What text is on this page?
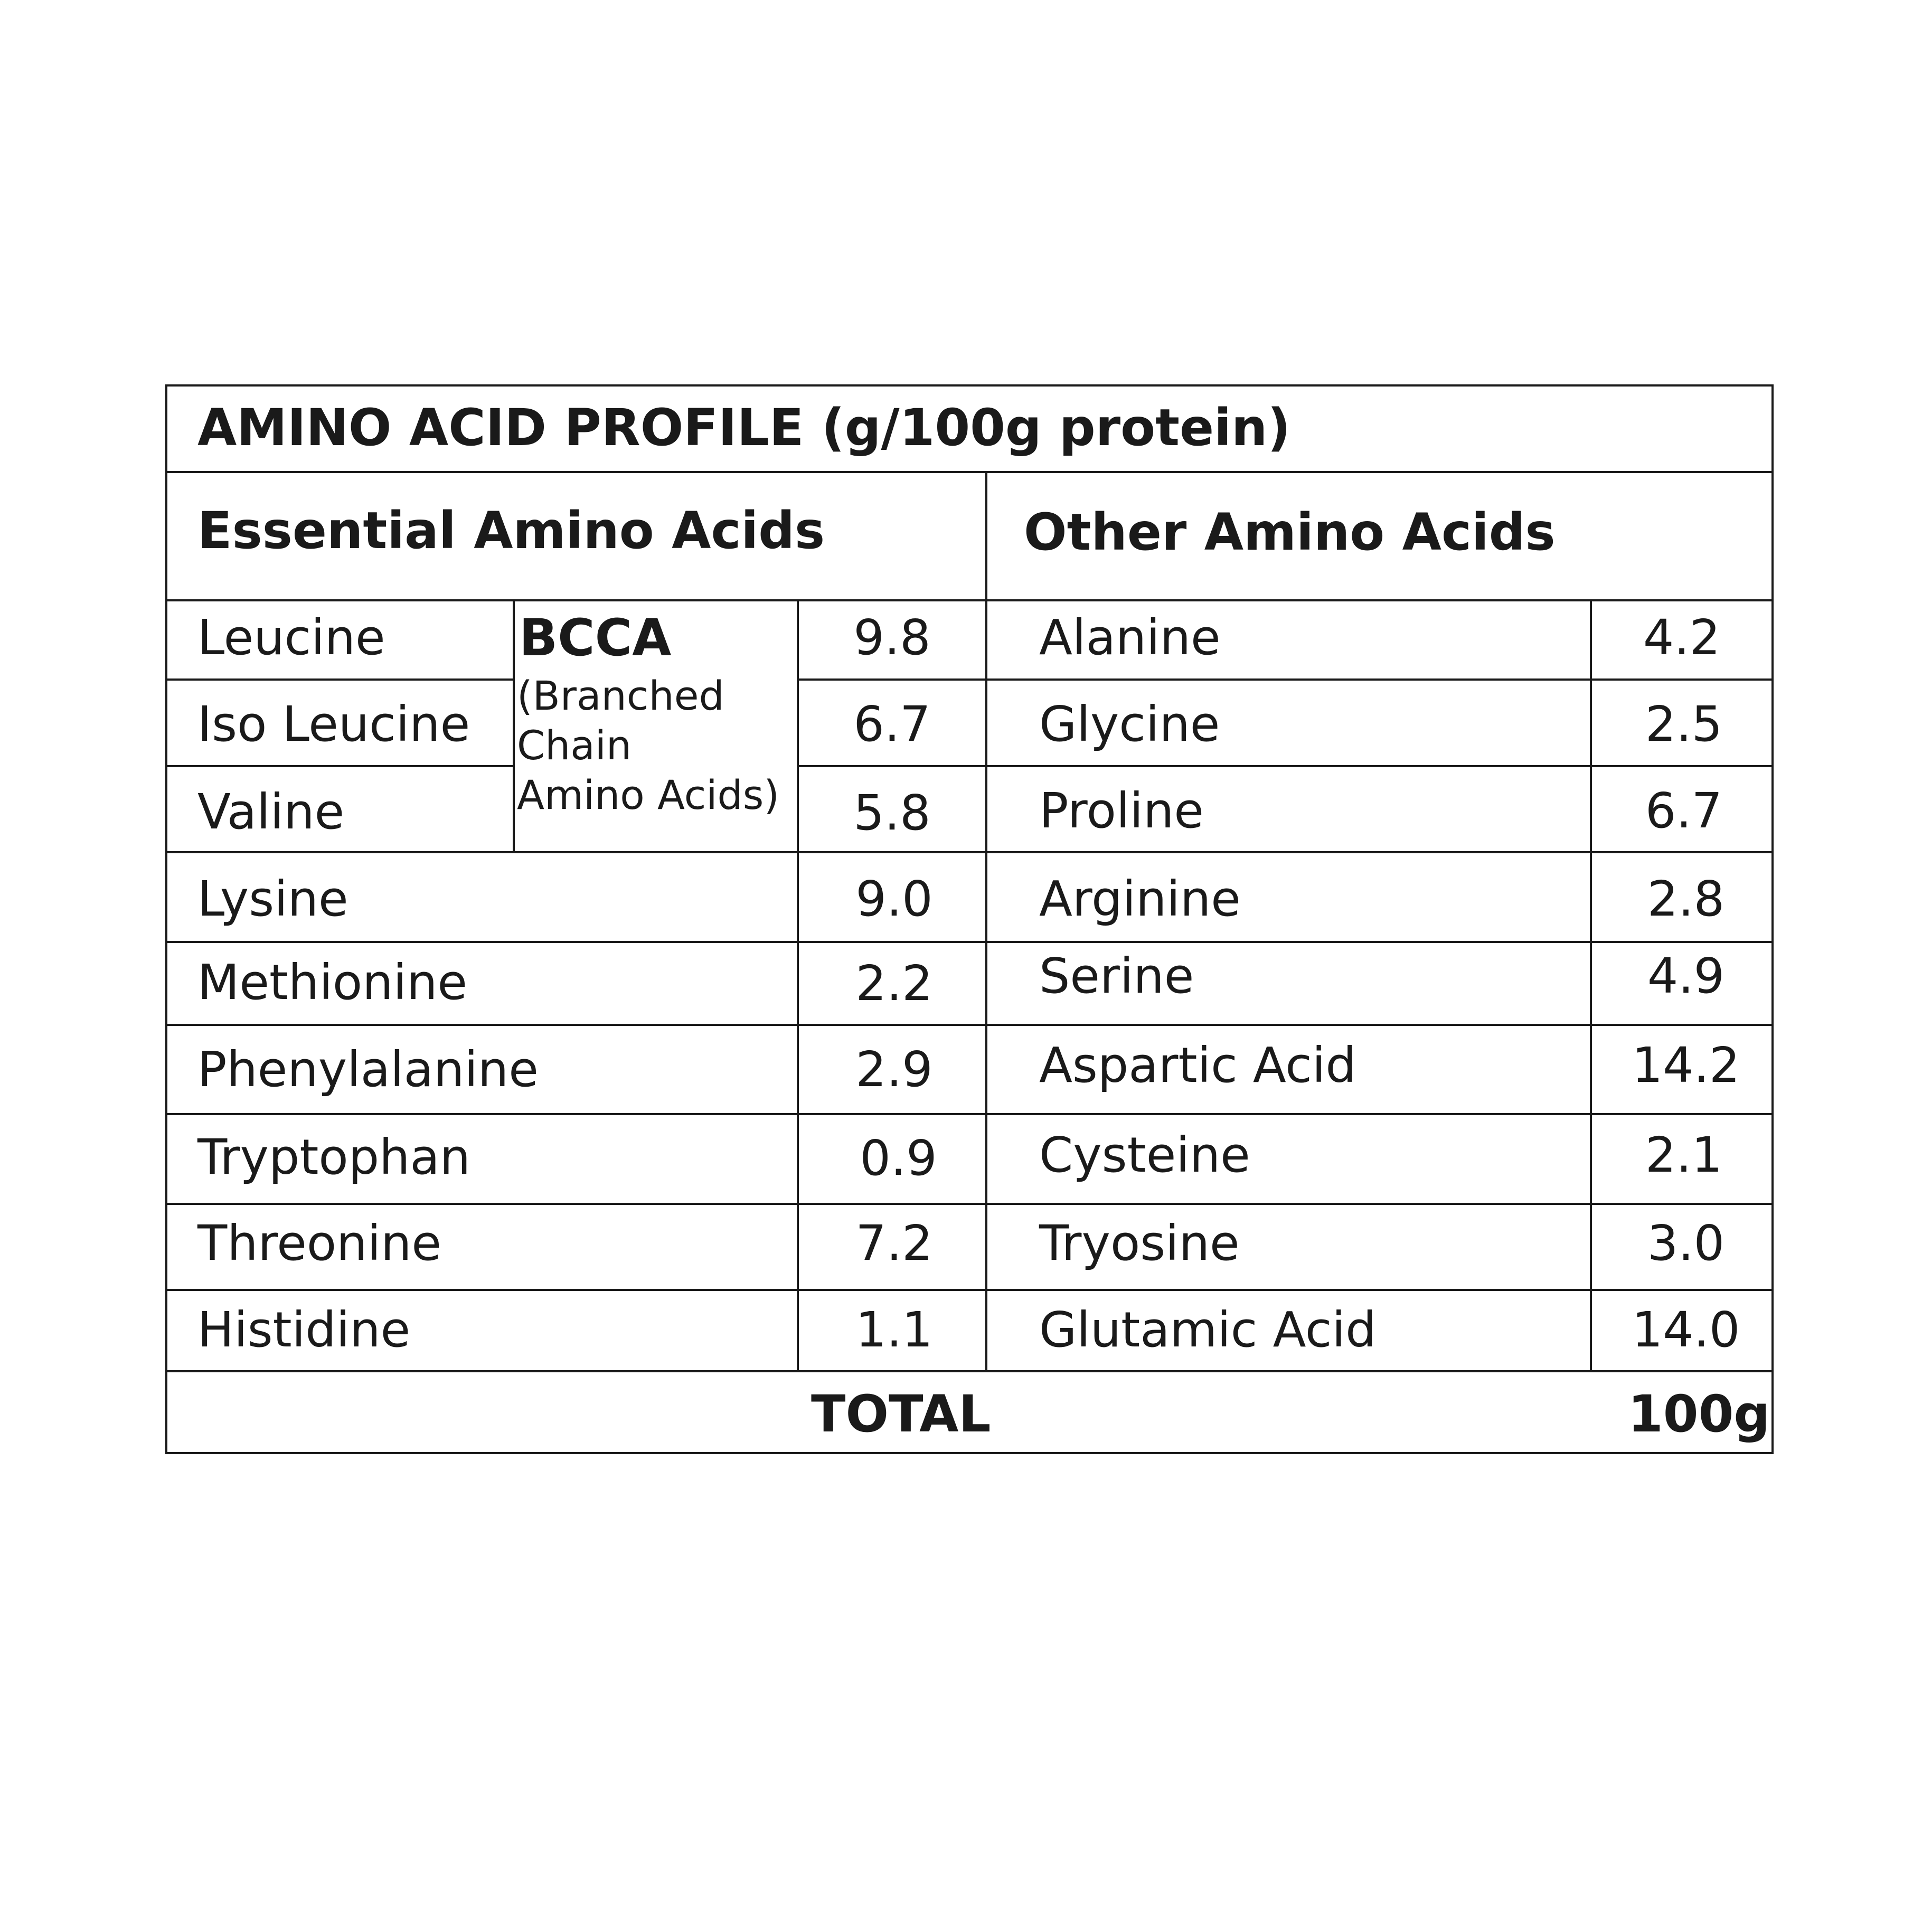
AMINO ACID PROFILE (g/100g protein)
Essential Amino Acids	Other Amino Acids
BCCA
(Branched
Chain
Amino Acids)
Leucine
Iso Leucine
Valine
Lysine
Methionine
Phenylalanine
Tryptophan
Threonine
Histidine
9.8
6.7
5.8
9.0
2.2
2.9
0.9
7.2
1.1
Alanine
Glycine
Proline
Arginine
Serine
Aspartic Acid
Cysteine
Tryosine
Glutamic Acid
4.2
2.5
6.7
2.8
4.9
14.2
2.1
3.0
14.0
TOTAL	100g
